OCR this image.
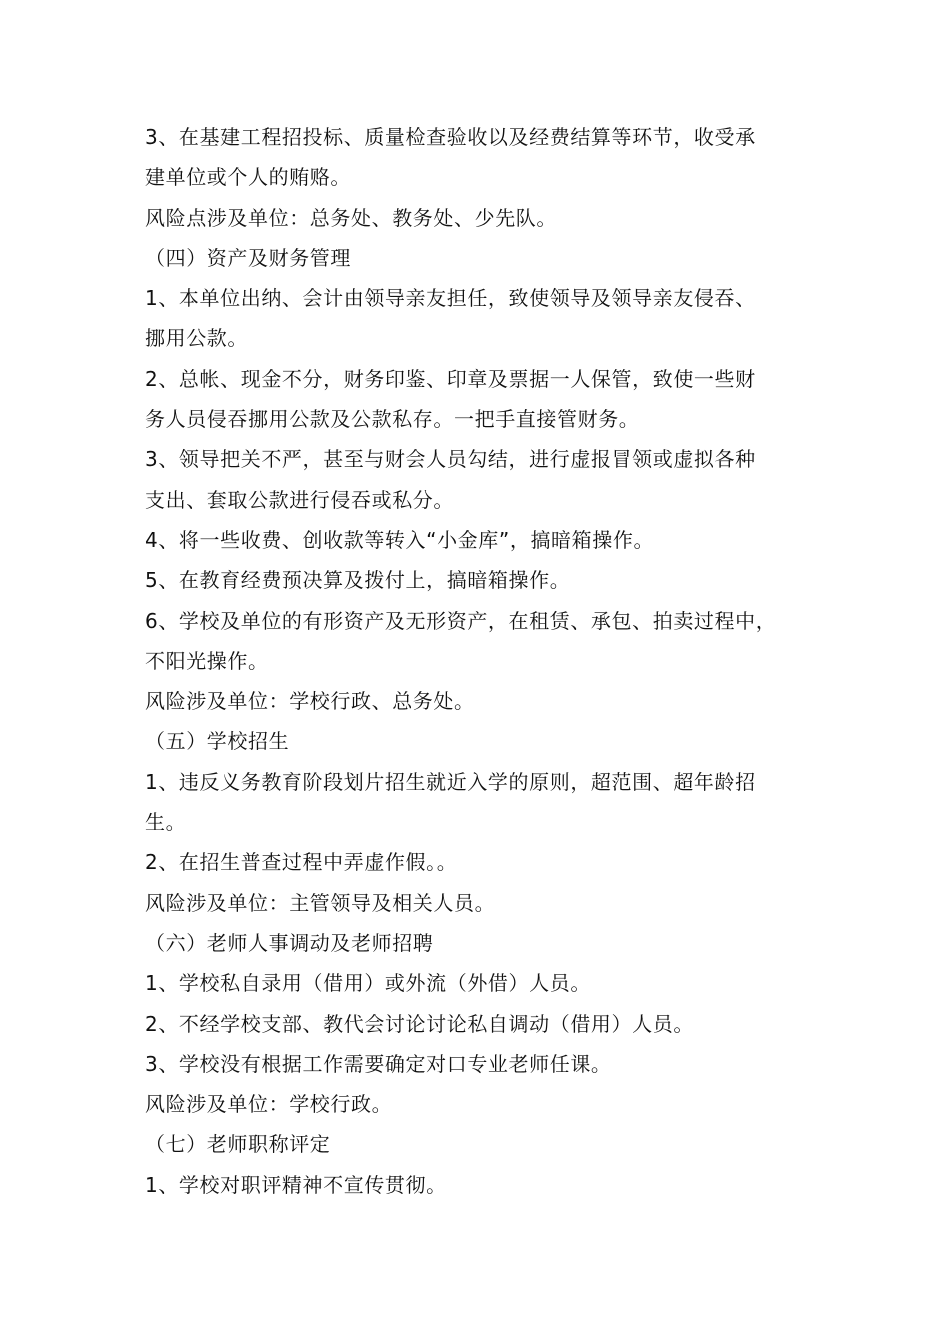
3、在基建工程招投标、质量检查验收以及经费结算等环节，收受承
建单位或个人的贿赂。
风险点涉及单位：总务处、教务处、少先队。
（四）资产及财务管理
1、本单位出纳、会计由领导亲友担任，致使领导及领导亲友侵吞、
挪用公款。
2、总帐、现金不分，财务印鉴、印章及票据一人保管，致使一些财
务人员侵吞挪用公款及公款私存。一把手直接管财务。
3、领导把关不严，甚至与财会人员勾结，进行虚报冒领或虚拟各种
支出、套取公款进行侵吞或私分。
4、将一些收费、创收款等转入“小金库”，搞暗箱操作。
5、在教育经费预决算及拨付上，搞暗箱操作。
6、学校及单位的有形资产及无形资产，在租赁、承包、拍卖过程中，
不阳光操作。
风险涉及单位：学校行政、总务处。
（五）学校招生
1、违反义务教育阶段划片招生就近入学的原则，超范围、超年龄招
生。
2、在招生普查过程中弄虚作假。。
风险涉及单位：主管领导及相关人员。
（六）老师人事调动及老师招聘
1、学校私自录用（借用）或外流（外借）人员。
2、不经学校支部、教代会讨论讨论私自调动（借用）人员。
3、学校没有根据工作需要确定对口专业老师任课。
风险涉及单位：学校行政。
（七）老师职称评定
1、学校对职评精神不宣传贯彻。
